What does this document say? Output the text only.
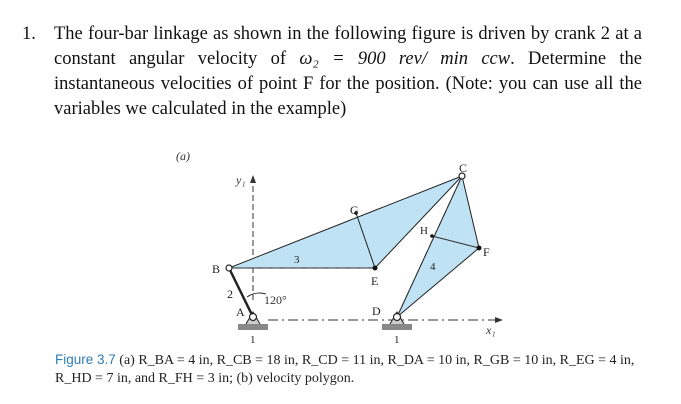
1. The four-bar linkage as shown in the following figure is driven by crank 2 at a constant angular velocity of ω₂ = 900 rev/ min ccw. Determine the instantaneous velocities of point F for the position. (Note: you can use all the variables we calculated in the example)
(a)
y₁
x₁
120°
B
C
E
F
G
H
A	D
2
3
4
1	1
Figure 3.7 (a) R_BA = 4 in, R_CB = 18 in, R_CD = 11 in, R_DA = 10 in, R_GB = 10 in, R_EG = 4 in, R_HD = 7 in, and R_FH = 3 in; (b) velocity polygon.
